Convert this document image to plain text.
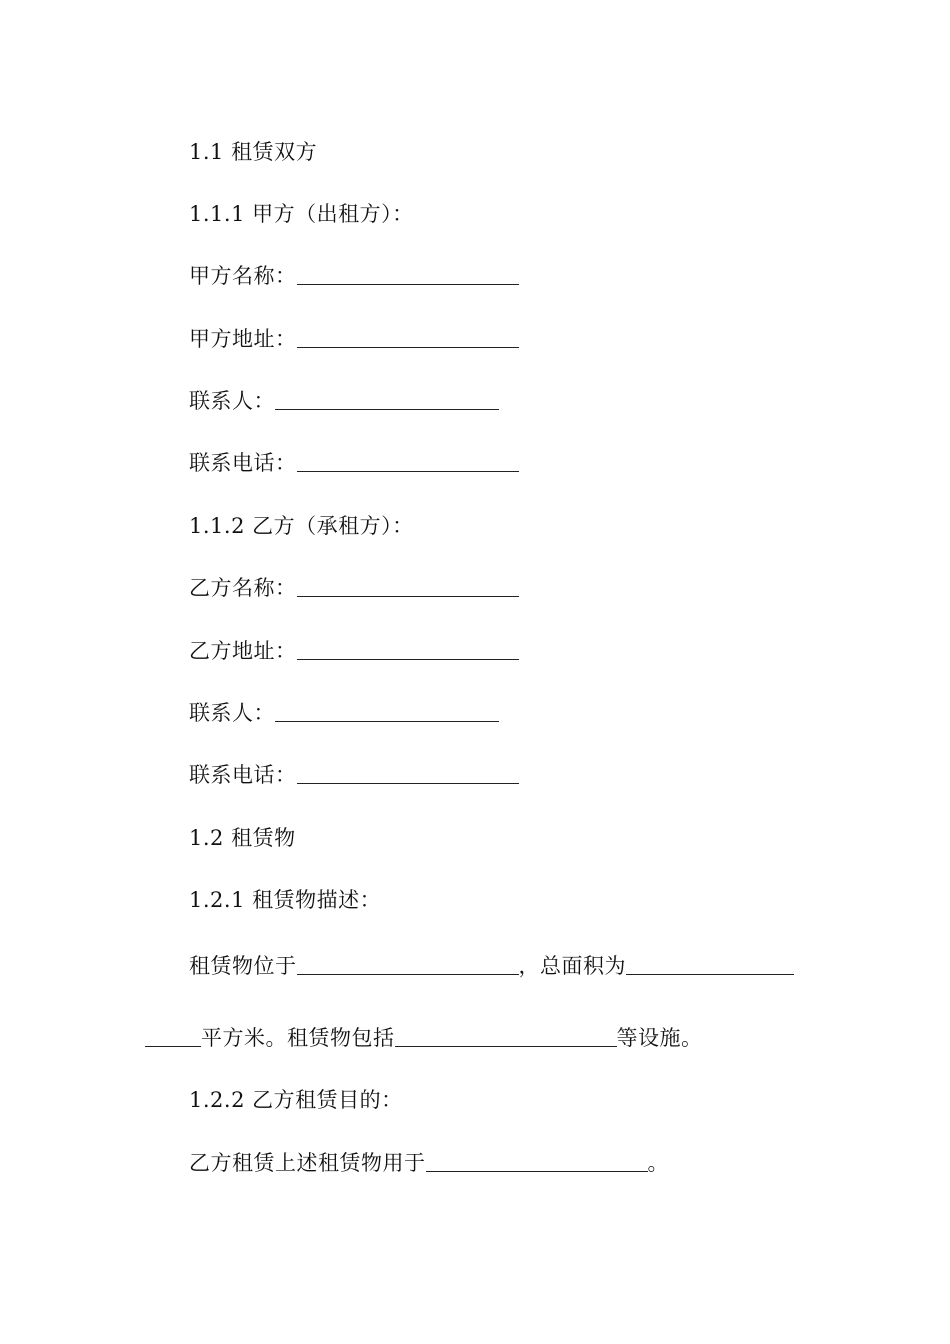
1.1 租赁双方
1.1.1 甲方（出租方）：
甲方名称：
甲方地址：
联系人：
联系电话：
1.1.2 乙方（承租方）：
乙方名称：
乙方地址：
联系人：
联系电话：
1.2 租赁物
1.2.1 租赁物描述：
租赁物位于	，总面积为
平方米。租赁物包括	等设施。
1.2.2 乙方租赁目的：
乙方租赁上述租赁物用于	。
